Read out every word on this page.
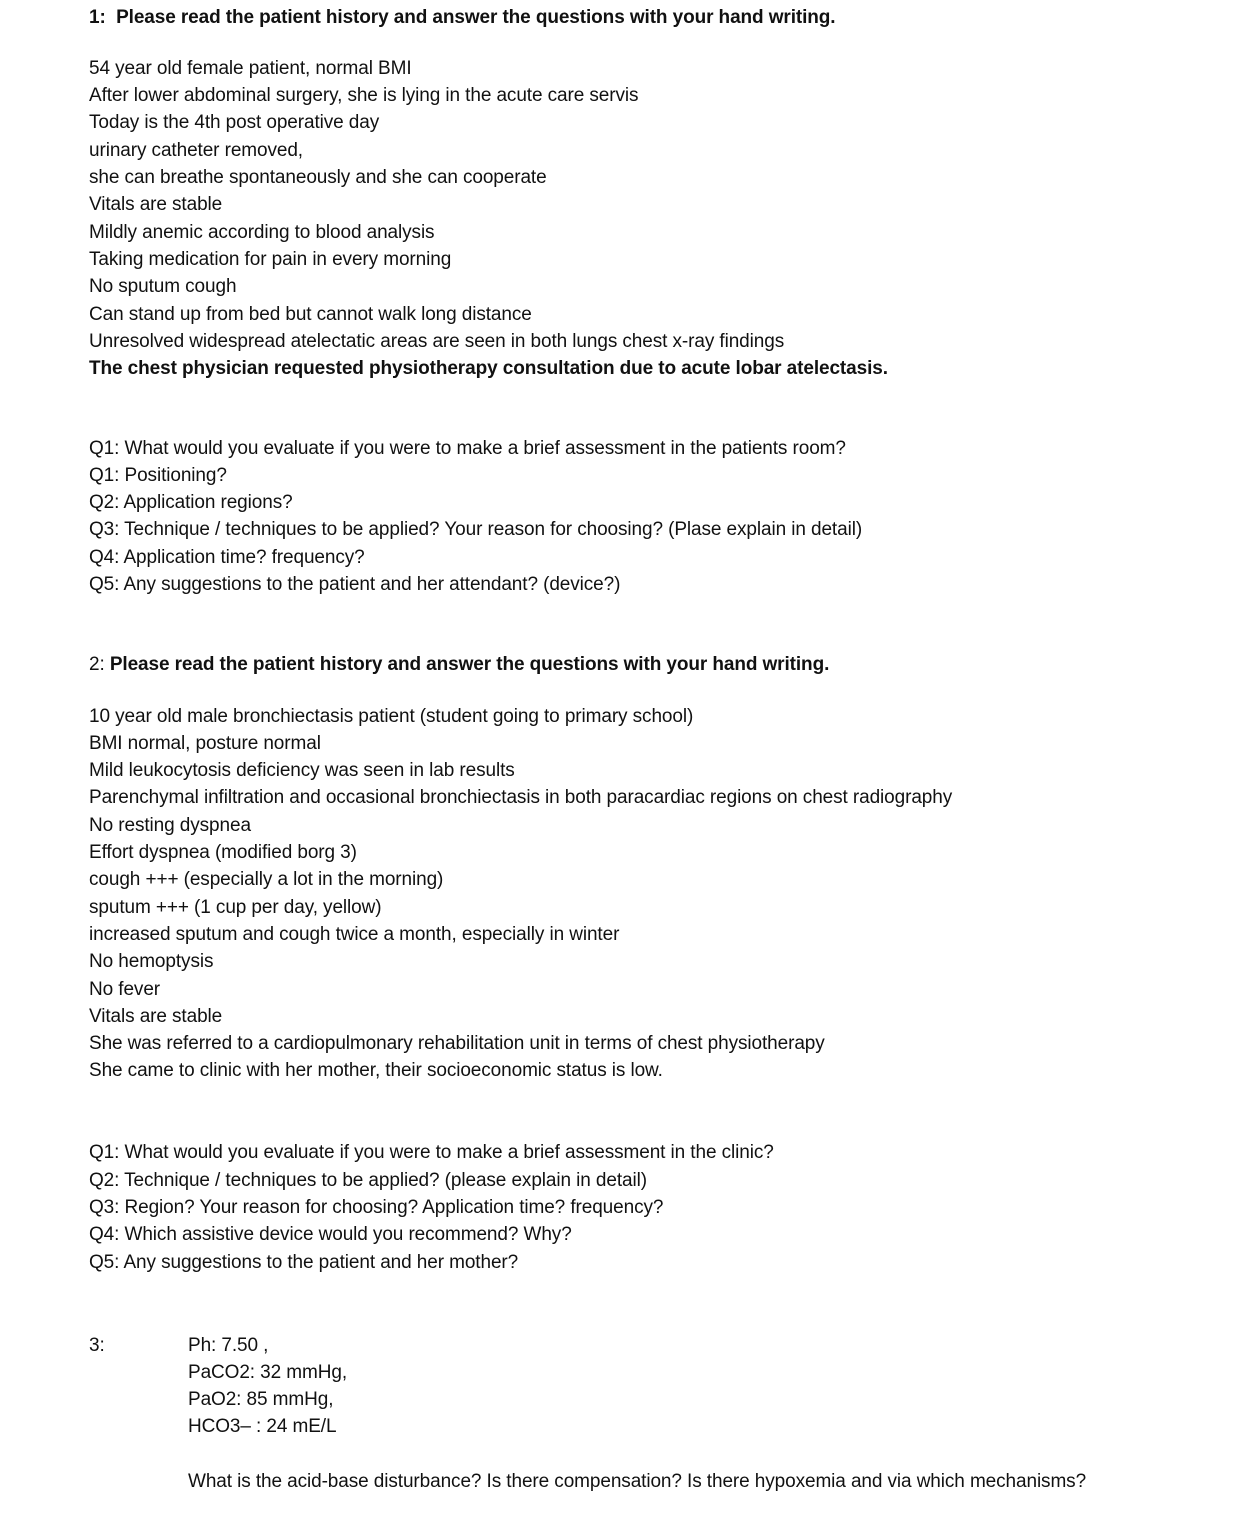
1: Please read the patient history and answer the questions with your hand writing.
54 year old female patient, normal BMI
After lower abdominal surgery, she is lying in the acute care servis
Today is the 4th post operative day
urinary catheter removed,
she can breathe spontaneously and she can cooperate
Vitals are stable
Mildly anemic according to blood analysis
Taking medication for pain in every morning
No sputum cough
Can stand up from bed but cannot walk long distance
Unresolved widespread atelectatic areas are seen in both lungs chest x-ray findings
The chest physician requested physiotherapy consultation due to acute lobar atelectasis.
Q1: What would you evaluate if you were to make a brief assessment in the patients room?
Q1: Positioning?
Q2: Application regions?
Q3: Technique / techniques to be applied? Your reason for choosing? (Plase explain in detail)
Q4: Application time? frequency?
Q5: Any suggestions to the patient and her attendant? (device?)
2: Please read the patient history and answer the questions with your hand writing.
10 year old male bronchiectasis patient (student going to primary school)
BMI normal, posture normal
Mild leukocytosis deficiency was seen in lab results
Parenchymal infiltration and occasional bronchiectasis in both paracardiac regions on chest radiography
No resting dyspnea
Effort dyspnea (modified borg 3)
cough +++ (especially a lot in the morning)
sputum +++ (1 cup per day, yellow)
increased sputum and cough twice a month, especially in winter
No hemoptysis
No fever
Vitals are stable
She was referred to a cardiopulmonary rehabilitation unit in terms of chest physiotherapy
She came to clinic with her mother, their socioeconomic status is low.
Q1: What would you evaluate if you were to make a brief assessment in the clinic?
Q2: Technique / techniques to be applied? (please explain in detail)
Q3: Region? Your reason for choosing? Application time? frequency?
Q4: Which assistive device would you recommend? Why?
Q5: Any suggestions to the patient and her mother?
3:	Ph: 7.50 ,
PaCO2: 32 mmHg,
PaO2: 85 mmHg,
HCO3– : 24 mE/L
What is the acid-base disturbance? Is there compensation? Is there hypoxemia and via which mechanisms?
